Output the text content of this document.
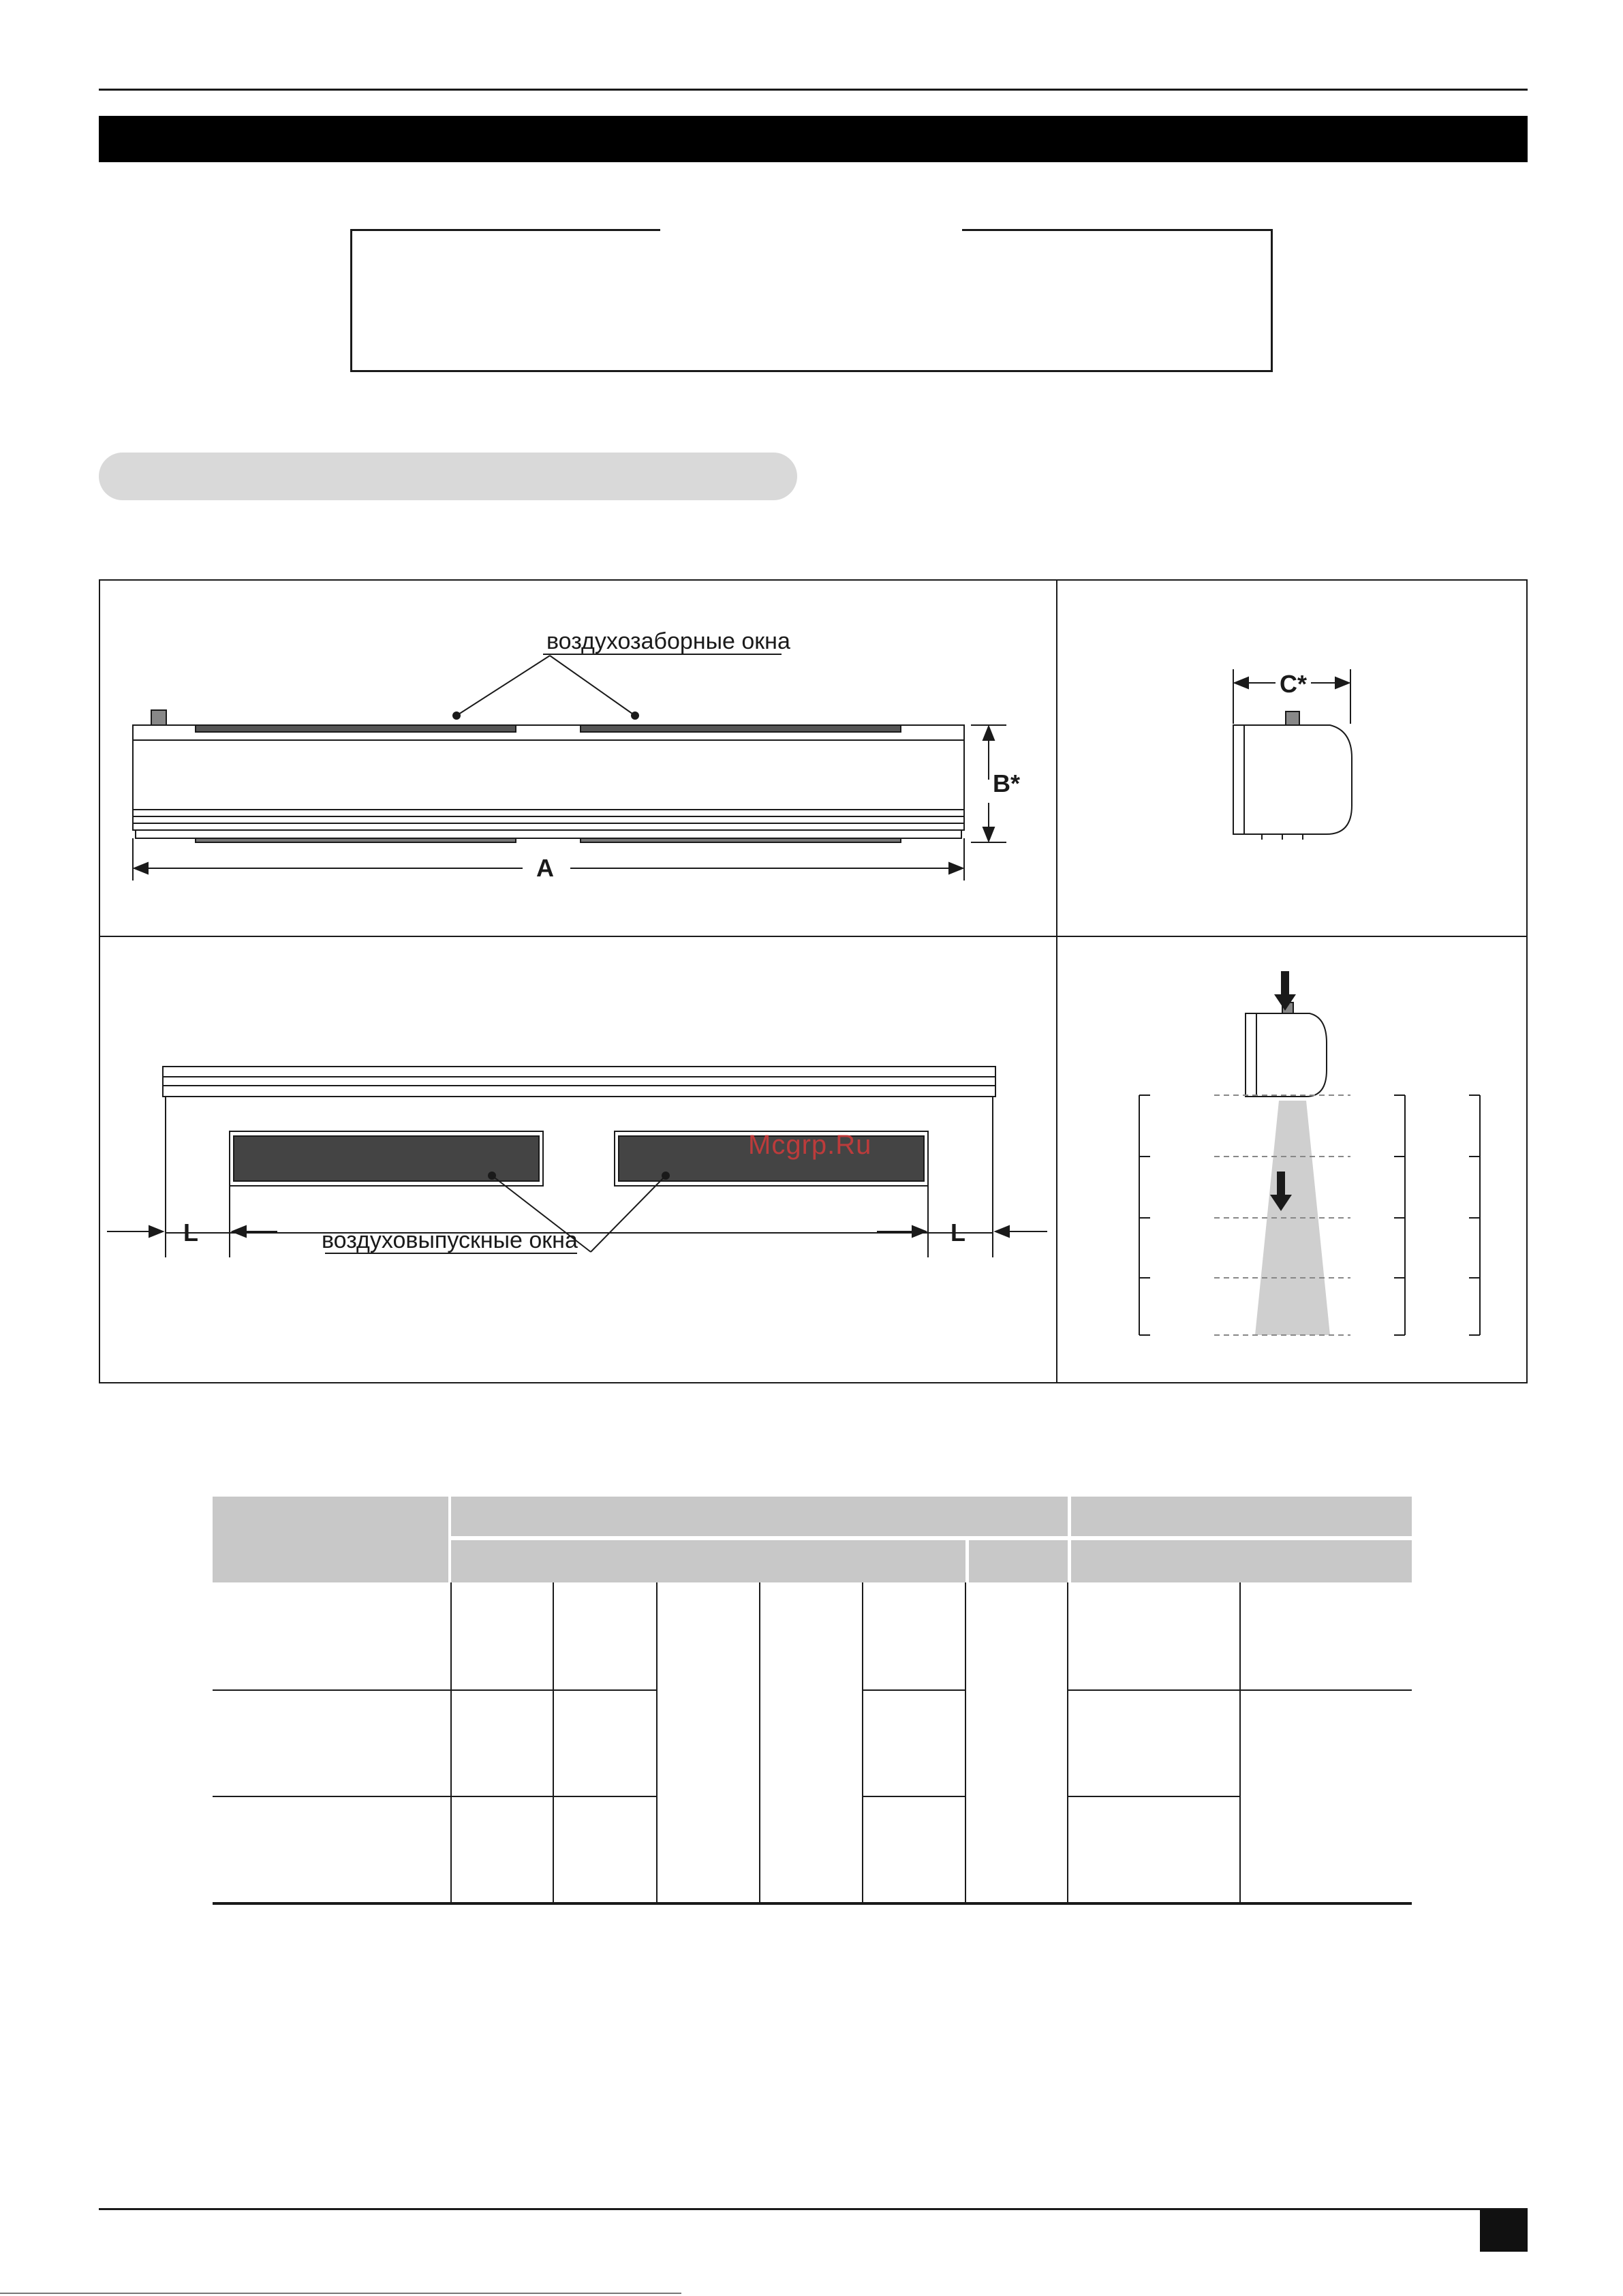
воздухозаборные окна
B*
A
C*
L	L
воздуховыпускные окна
Mcgrp.Ru
